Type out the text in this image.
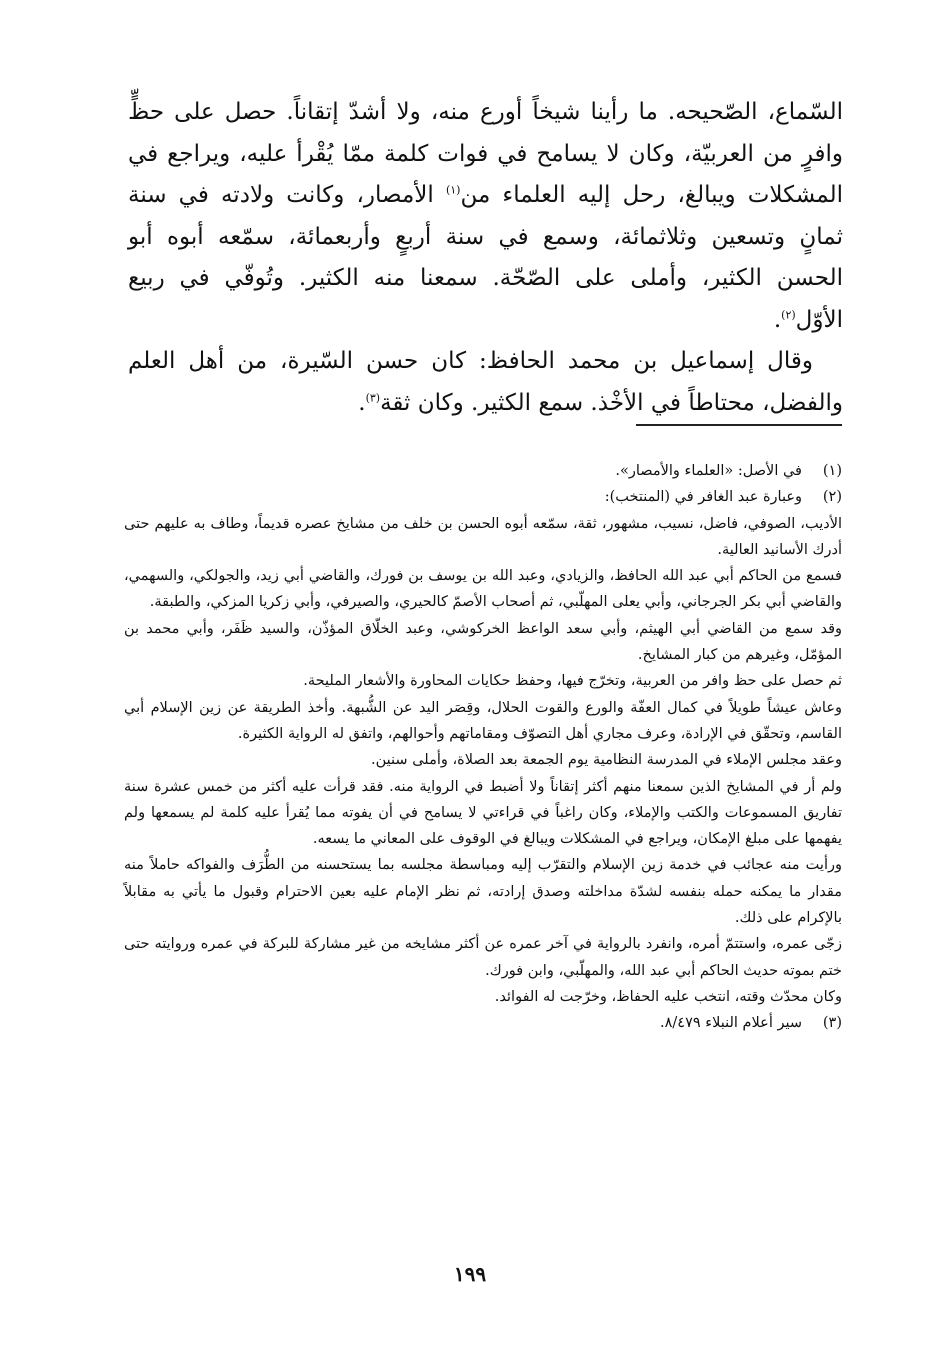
السّماع، الصّحيحه. ما رأينا شيخاً أورع منه، ولا أشدّ إتقاناً. حصل على حظٍّ وافرٍ من العربيّة، وكان لا يسامح في فوات كلمة ممّا يُقْرأ عليه، ويراجع في المشكلات ويبالغ، رحل إليه العلماء من$^{(١)}$ الأمصار، وكانت ولادته في سنة ثمانٍ وتسعين وثلاثمائة، وسمع في سنة أربعٍ وأربعمائة، سمّعه أبوه أبو الحسن الكثير، وأملى على الصّحّة. سمعنا منه الكثير. وتُوفّي في ربيع الأوّل$^{(٢)}$.

وقال إسماعيل بن محمد الحافظ: كان حسن السّيرة، من أهل العلم والفضل، محتاطاً في الأخْذ. سمع الكثير. وكان ثقة$^{(٣)}$.

(١)
في الأصل: «العلماء والأمصار».
(٢)
وعبارة عبد الغافر في (المنتخب):

الأديب، الصوفي، فاضل، نسيب، مشهور، ثقة، سمّعه أبوه الحسن بن خلف من مشايخ عصره قديماً، وطاف به عليهم حتى أدرك الأسانيد العالية.

فسمع من الحاكم أبي عبد الله الحافظ، والزيادي، وعبد الله بن يوسف بن فورك، والقاضي أبي زيد، والجولكي، والسهمي، والقاضي أبي بكر الجرجاني، وأبي يعلى المهلّبي، ثم أصحاب الأصمّ كالحيري، والصيرفي، وأبي زكريا المزكي، والطبقة.

وقد سمع من القاضي أبي الهيثم، وأبي سعد الواعظ الخركوشي، وعبد الخلّاق المؤذّن، والسيد ظَفَر، وأبي محمد بن المؤمّل، وغيرهم من كبار المشايخ.

ثم حصل على حظ وافر من العربية، وتخرّج فيها، وحفظ حكايات المحاورة والأشعار المليحة.

وعاش عيشاً طويلاً في كمال العفّة والورع والقوت الحلال، وقِصَر اليد عن الشُّبهة. وأخذ الطريقة عن زين الإسلام أبي القاسم، وتحقّق في الإرادة، وعرف مجاري أهل التصوّف ومقاماتهم وأحوالهم، واتفق له الرواية الكثيرة.

وعقد مجلس الإملاء في المدرسة النظامية يوم الجمعة بعد الصلاة، وأملى سنين.

ولم أر في المشايخ الذين سمعنا منهم أكثر إتقاناً ولا أضبط في الرواية منه. فقد قرأت عليه أكثر من خمس عشرة سنة تفاريق المسموعات والكتب والإملاء، وكان راغباً في قراءتي لا يسامح في أن يفوته مما يُقرأ عليه كلمة لم يسمعها ولم يفهمها على مبلغ الإمكان، ويراجع في المشكلات ويبالغ في الوقوف على المعاني ما يسعه.

ورأيت منه عجائب في خدمة زين الإسلام والتقرّب إليه ومباسطة مجلسه بما يستحسنه من الطُّرَف والفواكه حاملاً منه مقدار ما يمكنه حمله بنفسه لشدّة مداخلته وصدق إرادته، ثم نظر الإمام عليه بعين الاحترام وقبول ما يأتي به مقابلاً بالإكرام على ذلك.

زجّى عمره، واستتمّ أمره، وانفرد بالرواية في آخر عمره عن أكثر مشايخه من غير مشاركة للبركة في عمره وروايته حتى ختم بموته حديث الحاكم أبي عبد الله، والمهلّبي، وابن فورك.

وكان محدّث وقته، انتخب عليه الحفاظ، وخرّجت له الفوائد.

(٣)
سير أعلام النبلاء ٨/٤٧٩.
١٩٩
